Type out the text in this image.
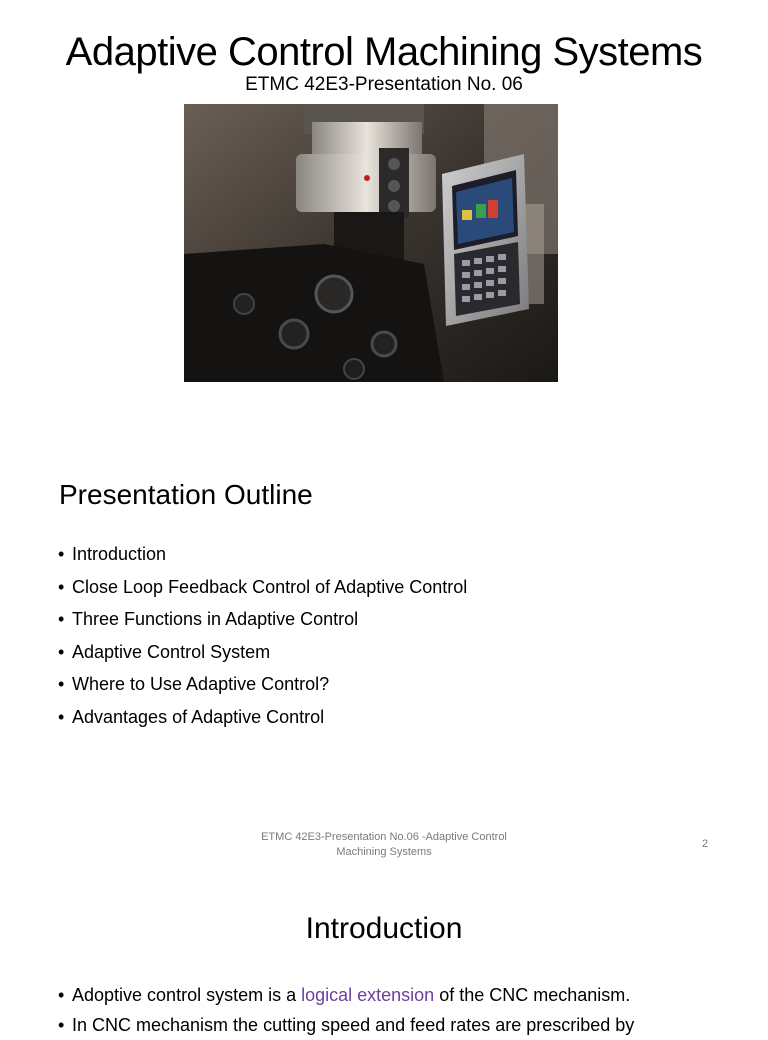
Adaptive Control Machining Systems
ETMC 42E3-Presentation No. 06
Presentation Outline
• Introduction
• Close Loop Feedback Control of Adaptive Control
• Three Functions in Adaptive Control
• Adaptive Control System
• Where to Use Adaptive Control?
• Advantages of Adaptive Control
ETMC 42E3-Presentation No.06 -Adaptive Control
Machining Systems
2
Introduction
• Adoptive control system is a logical extension of the CNC mechanism.
• In CNC mechanism the cutting speed and feed rates are prescribed by
